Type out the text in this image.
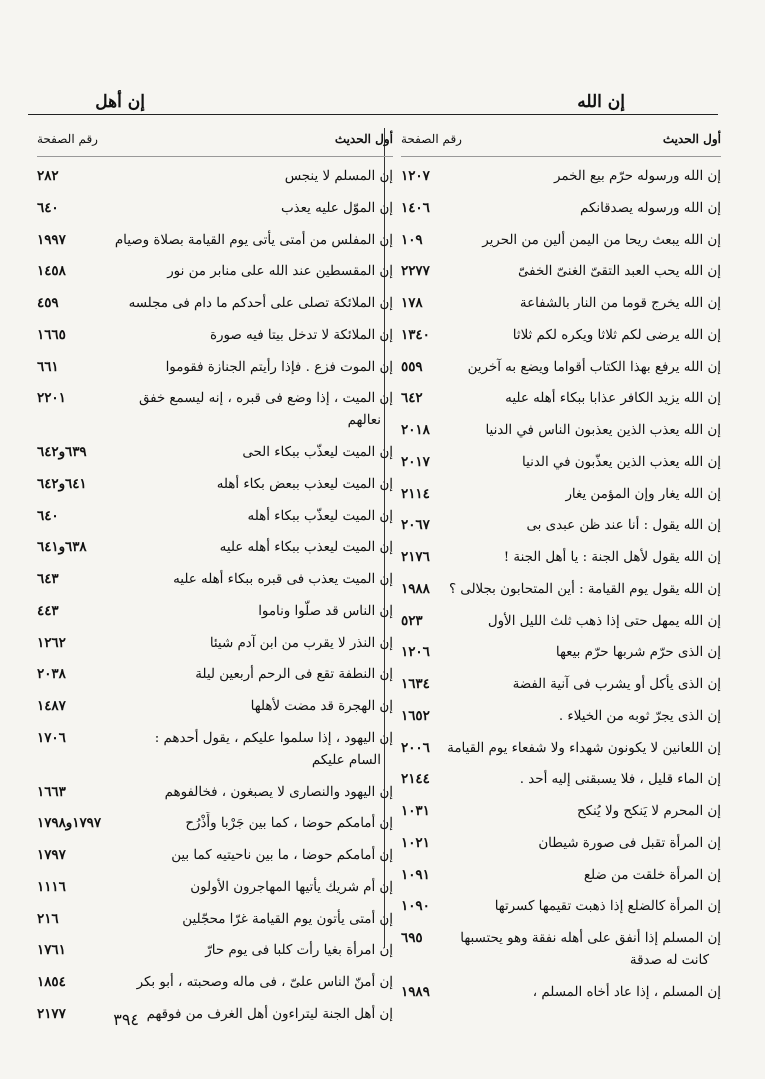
إن الله
إن أهل
أول الحديث
رقم الصفحة
إن الله ورسوله حرّم بيع الخمر
١٢٠٧
إن الله ورسوله يصدقانكم
١٤٠٦
إن الله يبعث ريحا من اليمن ألين من الحرير
١٠٩
إن الله يحب العبد التقىّ الغنىّ الخفىّ
٢٢٧٧
إن الله يخرج قوما من النار بالشفاعة
١٧٨
إن الله يرضى لكم ثلاثا ويكره لكم ثلاثا
١٣٤٠
إن الله يرفع بهذا الكتاب أقواما ويضع به آخرين
٥٥٩
إن الله يزيد الكافر عذابا ببكاء أهله عليه
٦٤٢
إن الله يعذب الذين يعذبون الناس في الدنيا
٢٠١٨
إن الله يعذب الذين يعذّبون في الدنيا
٢٠١٧
إن الله يغار وإن المؤمن يغار
٢١١٤
إن الله يقول : أنا عند ظن عبدى بى
٢٠٦٧
إن الله يقول لأهل الجنة : يا أهل الجنة !
٢١٧٦
إن الله يقول يوم القيامة : أين المتحابون بجلالى ؟
١٩٨٨
إن الله يمهل حتى إذا ذهب ثلث الليل الأول
٥٢٣
إن الذى حرّم شربها حرّم بيعها
١٢٠٦
إن الذى يأكل أو يشرب فى آنية الفضة
١٦٣٤
إن الذى يجرّ ثوبه من الخيلاء .
١٦٥٢
إن اللعانين لا يكونون شهداء ولا شفعاء يوم القيامة
٢٠٠٦
إن الماء قليل ، فلا يسبقنى إليه أحد .
٢١٤٤
إن المحرم لا يَنكح ولا يُنكح
١٠٣١
إن المرأة تقبل فى صورة شيطان
١٠٢١
إن المرأة خلقت من ضلع
١٠٩١
إن المرأة كالضلع إذا ذهبت تقيمها كسرتها
١٠٩٠
إن المسلم إذا أنفق على أهله نفقة وهو يحتسبها
٦٩٥
كانت له صدقة
إن المسلم ، إذا عاد أخاه المسلم ،
١٩٨٩
أول الحديث
رقم الصفحة
إن المسلم لا ينجس
٢٨٢
إن الموّل عليه يعذب
٦٤٠
إن المفلس من أمتى يأتى يوم القيامة بصلاة وصيام
١٩٩٧
إن المقسطين عند الله على منابر من نور
١٤٥٨
إن الملائكة تصلى على أحدكم ما دام فى مجلسه
٤٥٩
إن الملائكة لا تدخل بيتا فيه صورة
١٦٦٥
إن الموت فزع . فإذا رأيتم الجنازة فقوموا
٦٦١
إن الميت ، إذا وضع فى قبره ، إنه ليسمع خفق
٢٢٠١
نعالهم
إن الميت ليعذّب ببكاء الحى
٦٣٩و٦٤٢
إن الميت ليعذب ببعض بكاء أهله
٦٤١و٦٤٢
إن الميت ليعذّب ببكاء أهله
٦٤٠
إن الميت ليعذب ببكاء أهله عليه
٦٣٨و٦٤١
إن الميت يعذب فى قبره ببكاء أهله عليه
٦٤٣
إن الناس قد صلّوا وناموا
٤٤٣
إن النذر لا يقرب من ابن آدم شيئا
١٢٦٢
إن النطفة تقع فى الرحم أربعين ليلة
٢٠٣٨
إن الهجرة قد مضت لأهلها
١٤٨٧
إن اليهود ، إذا سلموا عليكم ، يقول أحدهم :
١٧٠٦
السام عليكم
إن اليهود والنصارى لا يصبغون ، فخالفوهم
١٦٦٣
إن أمامكم حوضا ، كما بين جَرْبا وأَذْرُح
١٧٩٧و١٧٩٨
إن أمامكم حوضا ، ما بين ناحيتيه كما بين
١٧٩٧
إن أم شريك يأتيها المهاجرون الأولون
١١١٦
إن أمتى يأتون يوم القيامة غرّا محجّلين
٢١٦
إن امرأة بغيا رأت كلبا فى يوم حارّ
١٧٦١
إن أمنّ الناس علىّ ، فى ماله وصحبته ، أبو بكر
١٨٥٤
إن أهل الجنة ليتراءون أهل الغرف من فوقهم
٢١٧٧	٣٩٤
